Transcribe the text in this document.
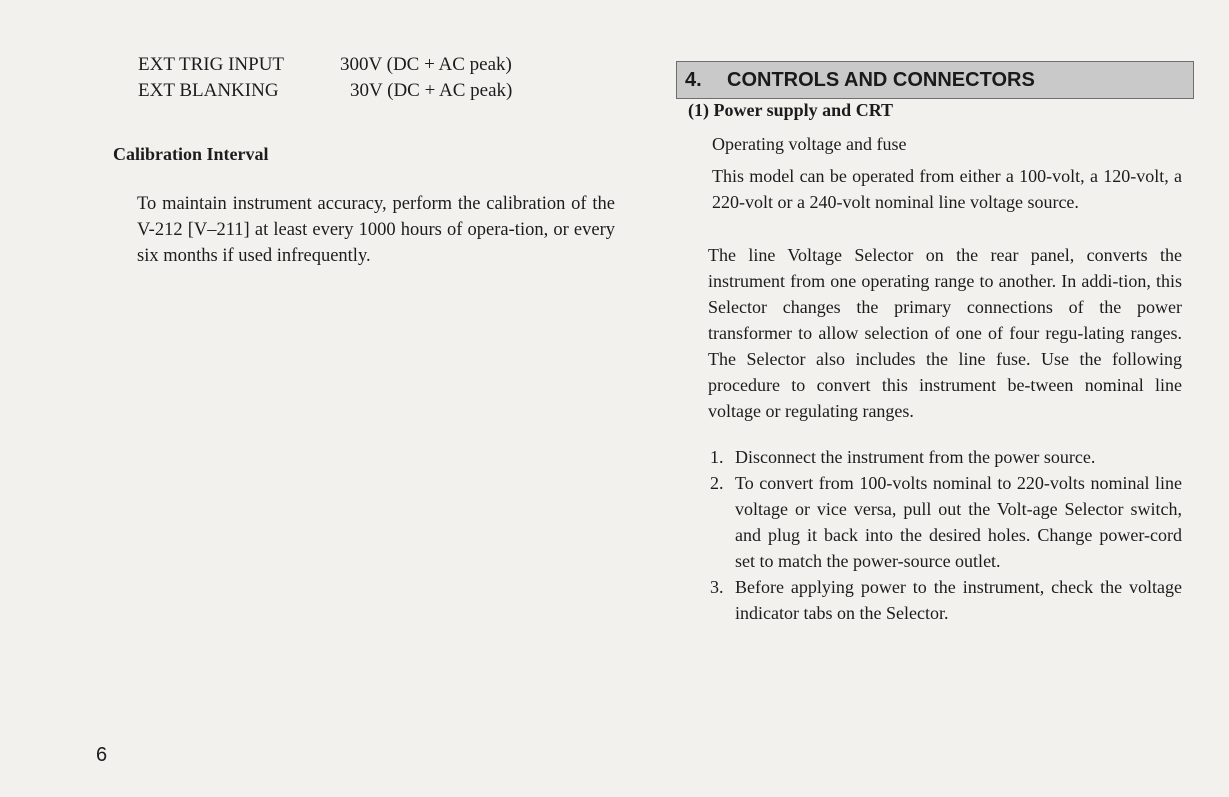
EXT TRIG INPUT	300V (DC + AC peak)
EXT BLANKING	30V (DC + AC peak)
Calibration Interval

To maintain instrument accuracy, perform the calibration of the V-212 [V–211] at least every 1000 hours of opera-tion, or every six months if used infrequently.

6
4.	CONTROLS AND CONNECTORS
(1) Power supply and CRT
Operating voltage and fuse

This model can be operated from either a 100-volt, a 120-volt, a 220-volt or a 240-volt nominal line voltage source.

The line Voltage Selector on the rear panel, converts the instrument from one operating range to another. In addi-tion, this Selector changes the primary connections of the power transformer to allow selection of one of four regu-lating ranges. The Selector also includes the line fuse. Use the following procedure to convert this instrument be-tween nominal line voltage or regulating ranges.

1. Disconnect the instrument from the power source.
2. To convert from 100-volts nominal to 220-volts nominal line voltage or vice versa, pull out the Volt-age Selector switch, and plug it back into the desired holes. Change power-cord set to match the power-source outlet.
3. Before applying power to the instrument, check the voltage indicator tabs on the Selector.
